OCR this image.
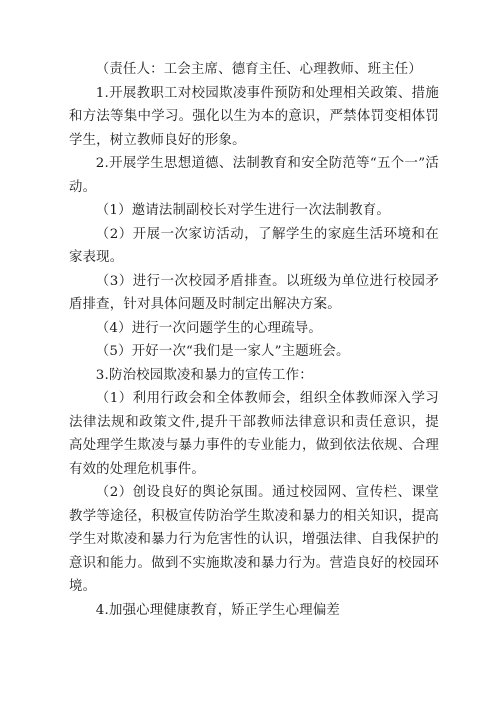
（责任人：工会主席、德育主任、心理教师、班主任）

1.开展教职工对校园欺凌事件预防和处理相关政策、措施和方法等集中学习。强化以生为本的意识，严禁体罚变相体罚学生，树立教师良好的形象。

2.开展学生思想道德、法制教育和安全防范等“五个一”活动。

（1）邀请法制副校长对学生进行一次法制教育。

（2）开展一次家访活动，了解学生的家庭生活环境和在家表现。

（3）进行一次校园矛盾排查。以班级为单位进行校园矛盾排查，针对具体问题及时制定出解决方案。

（4）进行一次问题学生的心理疏导。

（5）开好一次“我们是一家人”主题班会。

3.防治校园欺凌和暴力的宣传工作：

（1）利用行政会和全体教师会，组织全体教师深入学习法律法规和政策文件,提升干部教师法律意识和责任意识，提高处理学生欺凌与暴力事件的专业能力，做到依法依规、合理有效的处理危机事件。

（2）创设良好的舆论氛围。通过校园网、宣传栏、课堂教学等途径，积极宣传防治学生欺凌和暴力的相关知识，提高学生对欺凌和暴力行为危害性的认识，增强法律、自我保护的意识和能力。做到不实施欺凌和暴力行为。营造良好的校园环境。

4.加强心理健康教育，矫正学生心理偏差
